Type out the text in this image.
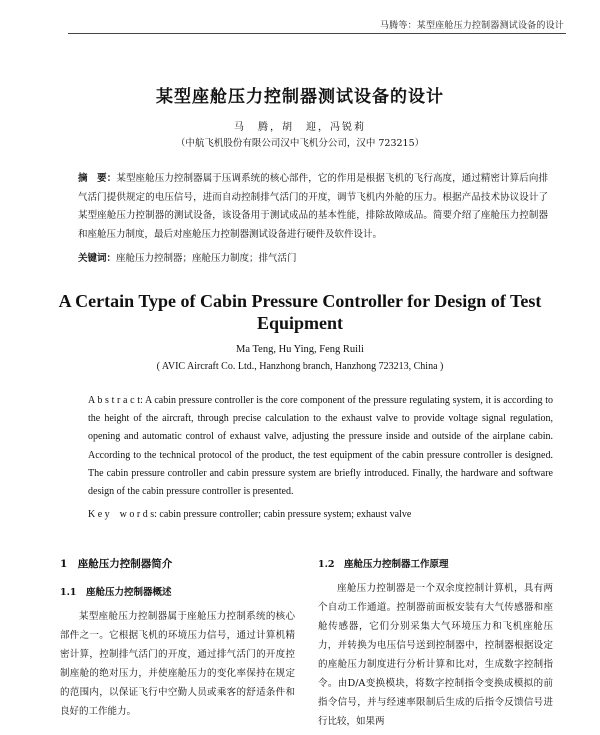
马腾等：某型座舱压力控制器测试设备的设计
某型座舱压力控制器测试设备的设计
马　腾，胡　迎，冯锐莉
（中航飞机股份有限公司汉中飞机分公司，汉中 723215）
摘　要：某型座舱压力控制器属于压调系统的核心部件，它的作用是根据飞机的飞行高度，通过精密计算后向排气活门提供规定的电压信号，进而自动控制排气活门的开度，调节飞机内外舱的压力。根据产品技术协议设计了某型座舱压力控制器的测试设备，该设备用于测试成品的基本性能，排除故障成品。简要介绍了座舱压力控制器和座舱压力制度，最后对座舱压力控制器测试设备进行硬件及软件设计。
关键词：座舱压力控制器；座舱压力制度；排气活门
A Certain Type of Cabin Pressure Controller for Design of Test Equipment
Ma Teng, Hu Ying, Feng Ruili
( AVIC Aircraft Co. Ltd., Hanzhong branch, Hanzhong 723213, China )
A b s t r a c t: A cabin pressure controller is the core component of the pressure regulating system, it is according to the height of the aircraft, through precise calculation to the exhaust valve to provide voltage signal regulation, opening and automatic control of exhaust valve, adjusting the pressure inside and outside of the airplane cabin. According to the technical protocol of the product, the test equipment of the cabin pressure controller is designed. The cabin pressure controller and cabin pressure system are briefly introduced. Finally, the hardware and software design of the cabin pressure controller is presented.
K e y　w o r d s: cabin pressure controller; cabin pressure system; exhaust valve
1　座舱压力控制器简介
1.1　座舱压力控制器概述

某型座舱压力控制器属于座舱压力控制系统的核心部件之一。它根据飞机的环境压力信号，通过计算机精密计算，控制排气活门的开度，通过排气活门的开度控制座舱的绝对压力，并使座舱压力的变化率保持在规定的范围内，以保证飞行中空勤人员或乘客的舒适条件和良好的工作能力。

1.2　座舱压力控制器工作原理

座舱压力控制器是一个双余度控制计算机，具有两个自动工作通道。控制器前面板安装有大气传感器和座舱传感器，它们分别采集大气环境压力和飞机座舱压力，并转换为电压信号送到控制器中，控制器根据设定的座舱压力制度进行分析计算和比对，生成数字控制指令。由D/A变换模块，将数字控制指令变换成模拟的前指令信号，并与经速率限制后生成的后指令反馈信号进行比较，如果两
